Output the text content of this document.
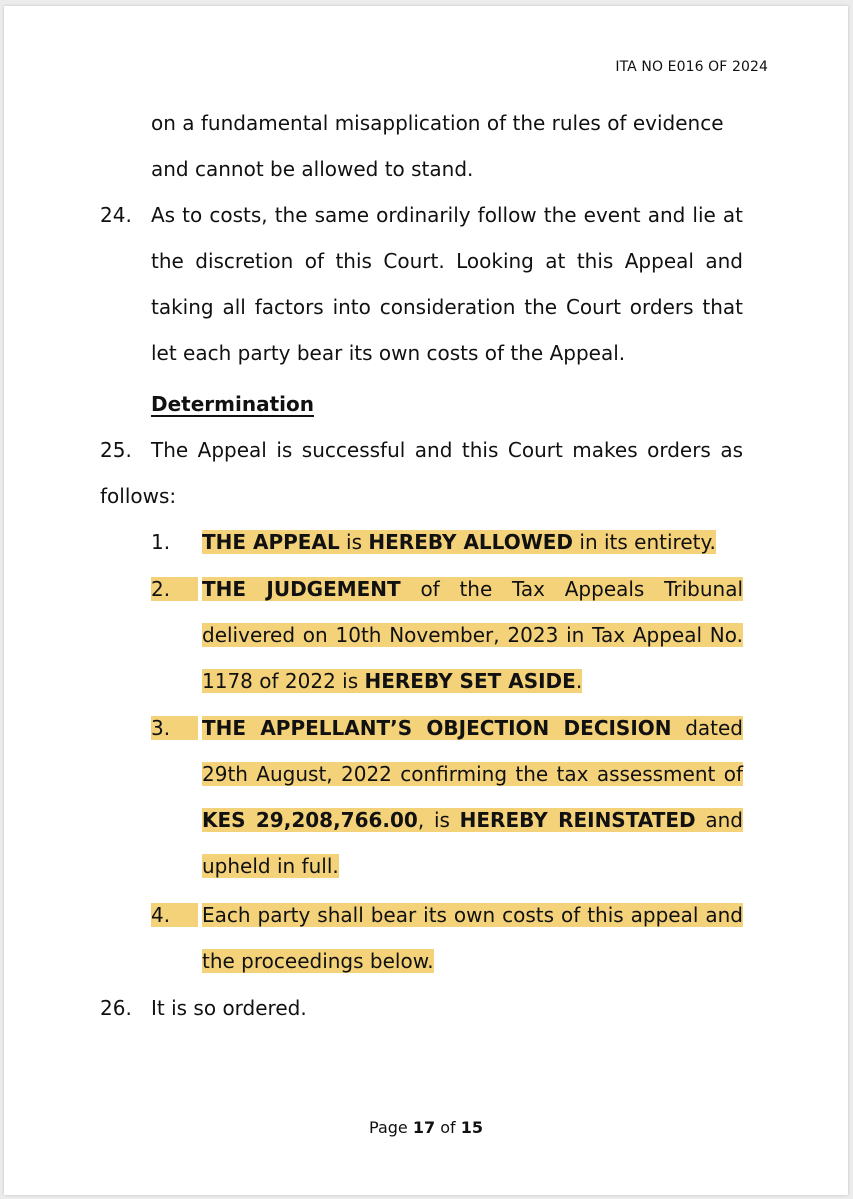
ITA NO E016 OF 2024
on a fundamental misapplication of the rules of evidence
and cannot be allowed to stand.
24. As to costs, the same ordinarily follow the event and lie at the discretion of this Court. Looking at this Appeal and taking all factors into consideration the Court orders that let each party bear its own costs of the Appeal.
Determination
25. The Appeal is successful and this Court makes orders as
follows:
1. THE APPEAL is HEREBY ALLOWED in its entirety.
2.	THE JUDGEMENT of the Tax Appeals Tribunal delivered on 10th November, 2023 in Tax Appeal No. 1178 of 2022 is HEREBY SET ASIDE.
3.	THE APPELLANT’S OBJECTION DECISION dated 29th August, 2022 confirming the tax assessment of KES 29,208,766.00, is HEREBY REINSTATED and upheld in full.
4.	Each party shall bear its own costs of this appeal and the proceedings below.
26. It is so ordered.
Page 17 of 15
